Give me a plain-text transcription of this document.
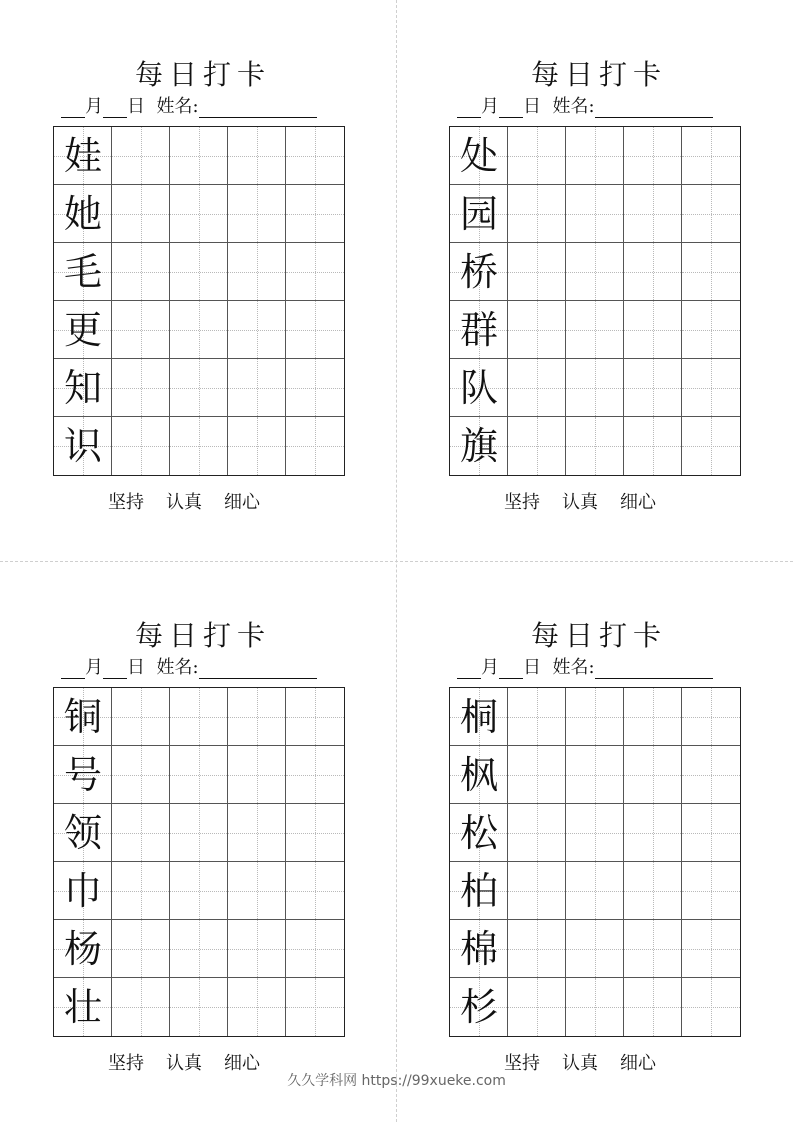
每日打卡
月 日 姓名:
娃
她
毛
更
知
识
坚持 认真 细心
每日打卡
月 日 姓名:
处
园
桥
群
队
旗
坚持 认真 细心
每日打卡
月 日 姓名:
铜
号
领
巾
杨
壮
坚持 认真 细心
每日打卡
月 日 姓名:
桐
枫
松
柏
棉
杉
坚持 认真 细心
久久学科网 https://99xueke.com
